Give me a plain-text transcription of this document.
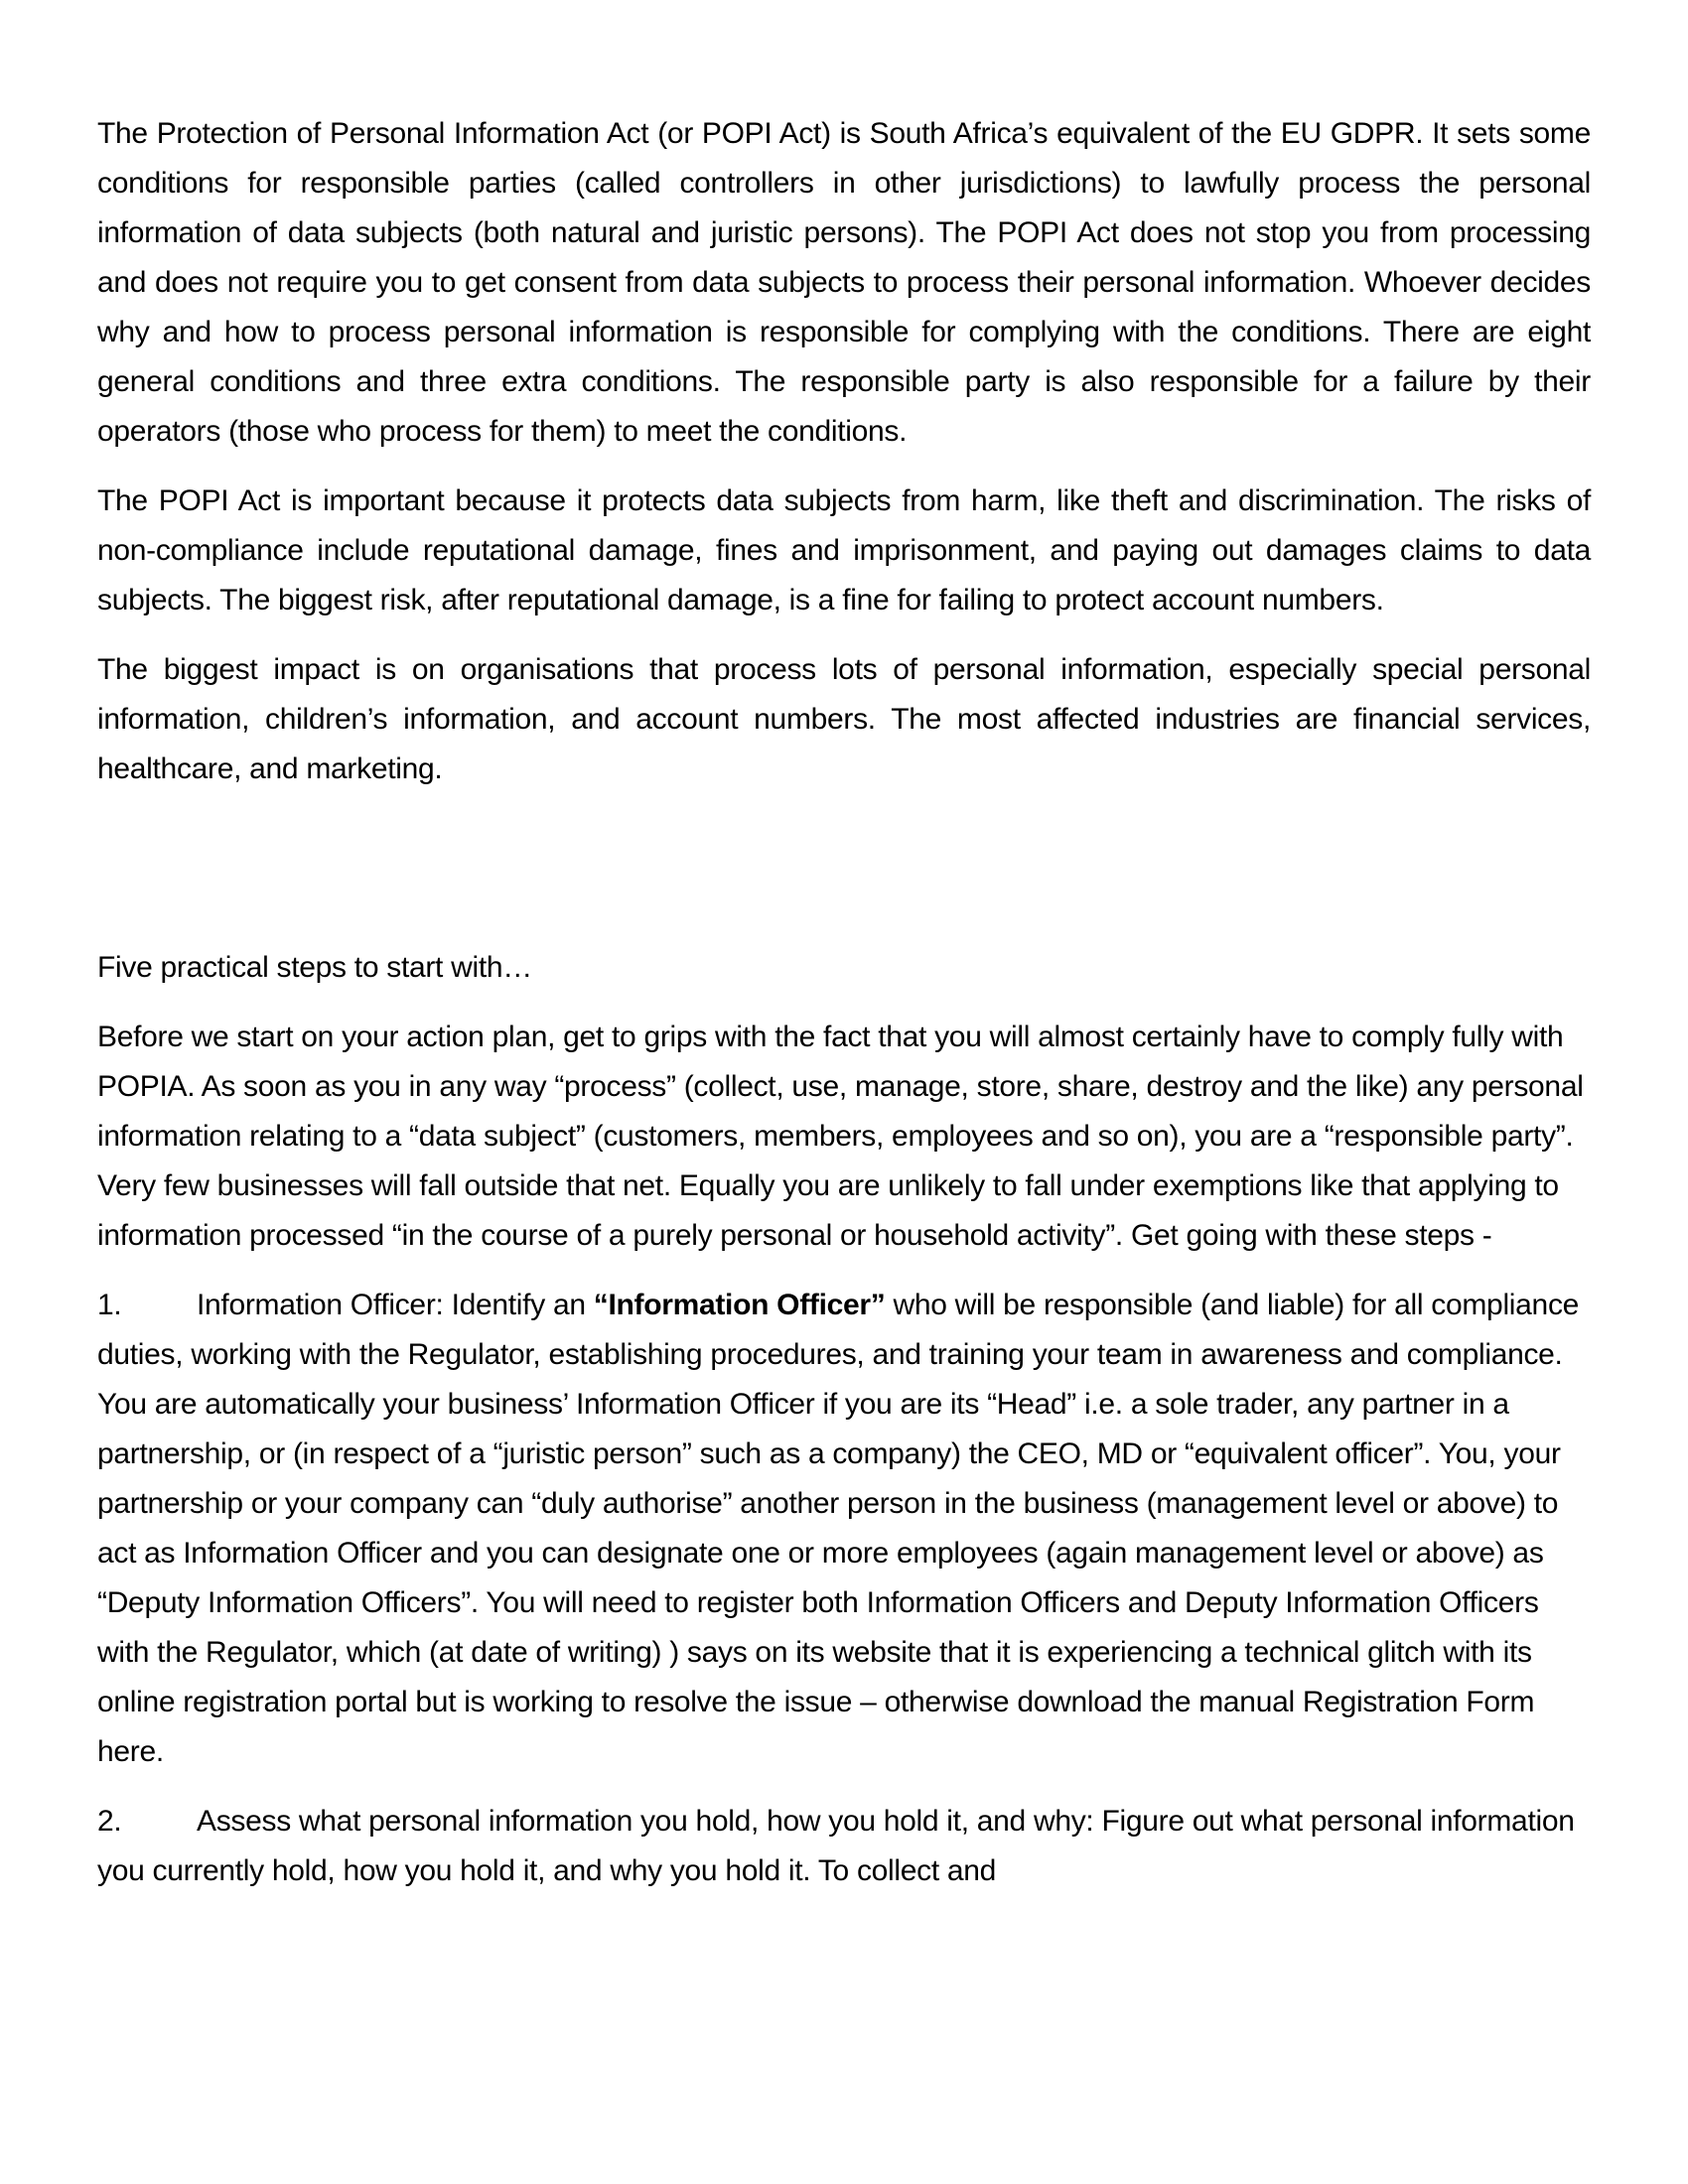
The Protection of Personal Information Act (or POPI Act) is South Africa’s equivalent of the EU GDPR. It sets some conditions for responsible parties (called controllers in other jurisdictions) to lawfully process the personal information of data subjects (both natural and juristic persons). The POPI Act does not stop you from processing and does not require you to get consent from data subjects to process their personal information. Whoever decides why and how to process personal information is responsible for complying with the conditions. There are eight general conditions and three extra conditions. The responsible party is also responsible for a failure by their operators (those who process for them) to meet the conditions.

The POPI Act is important because it protects data subjects from harm, like theft and discrimination. The risks of non-compliance include reputational damage, fines and imprisonment, and paying out damages claims to data subjects. The biggest risk, after reputational damage, is a fine for failing to protect account numbers.

The biggest impact is on organisations that process lots of personal information, especially special personal information, children’s information, and account numbers. The most affected industries are financial services, healthcare, and marketing.

Five practical steps to start with…

Before we start on your action plan, get to grips with the fact that you will almost certainly have to comply fully with POPIA. As soon as you in any way “process” (collect, use, manage, store, share, destroy and the like) any personal information relating to a “data subject” (customers, members, employees and so on), you are a “responsible party”. Very few businesses will fall outside that net. Equally you are unlikely to fall under exemptions like that applying to information processed “in the course of a purely personal or household activity”. Get going with these steps -

1.	Information Officer: Identify an “Information Officer” who will be responsible (and liable) for all compliance duties, working with the Regulator, establishing procedures, and training your team in awareness and compliance. You are automatically your business’ Information Officer if you are its “Head” i.e. a sole trader, any partner in a partnership, or (in respect of a “juristic person” such as a company) the CEO, MD or “equivalent officer”. You, your partnership or your company can “duly authorise” another person in the business (management level or above) to act as Information Officer and you can designate one or more employees (again management level or above) as “Deputy Information Officers”. You will need to register both Information Officers and Deputy Information Officers with the Regulator, which (at date of writing) ) says on its website that it is experiencing a technical glitch with its online registration portal but is working to resolve the issue – otherwise download the manual Registration Form here.

2.	Assess what personal information you hold, how you hold it, and why: Figure out what personal information you currently hold, how you hold it, and why you hold it. To collect and
